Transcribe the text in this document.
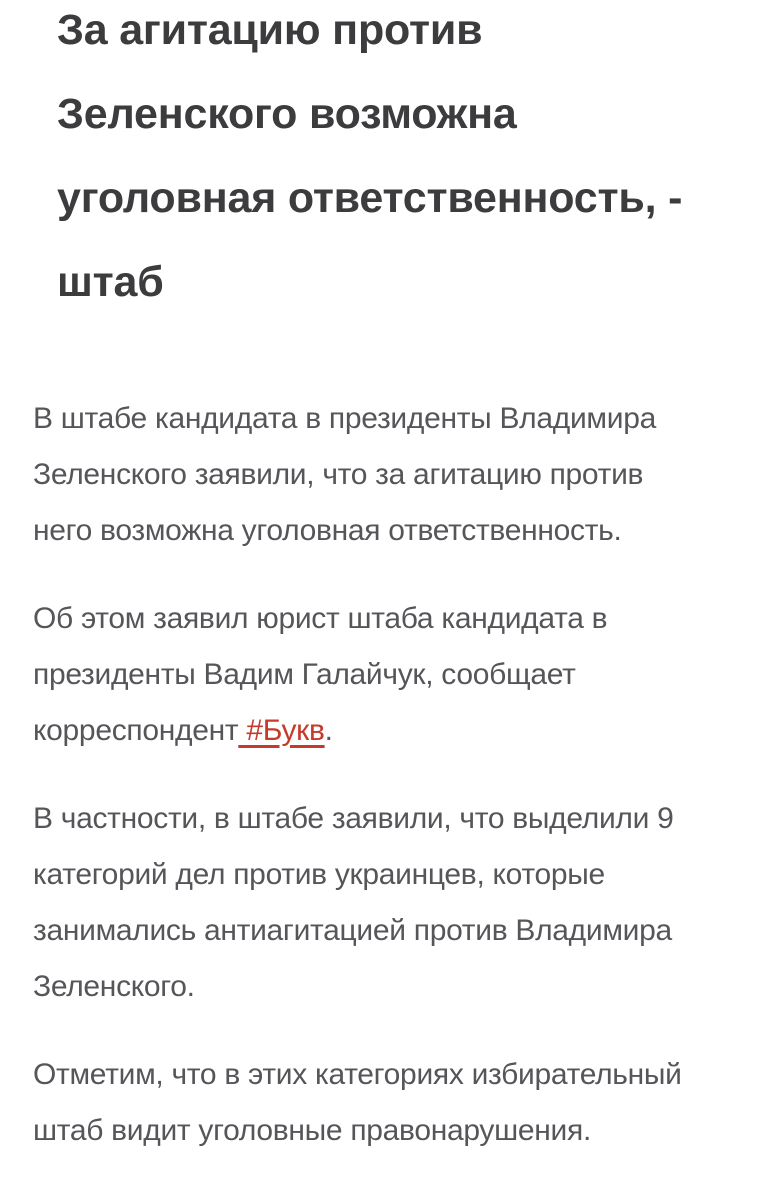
За агитацию против
Зеленского возможна
уголовная ответственность, -
штаб

В штабе кандидата в президенты Владимира
Зеленского заявили, что за агитацию против
него возможна уголовная ответственность.

Об этом заявил юрист штаба кандидата в
президенты Вадим Галайчук, сообщает
корреспондент #Букв.

В частности, в штабе заявили, что выделили 9
категорий дел против украинцев, которые
занимались антиагитацией против Владимира
Зеленского.

Отметим, что в этих категориях избирательный
штаб видит уголовные правонарушения.
